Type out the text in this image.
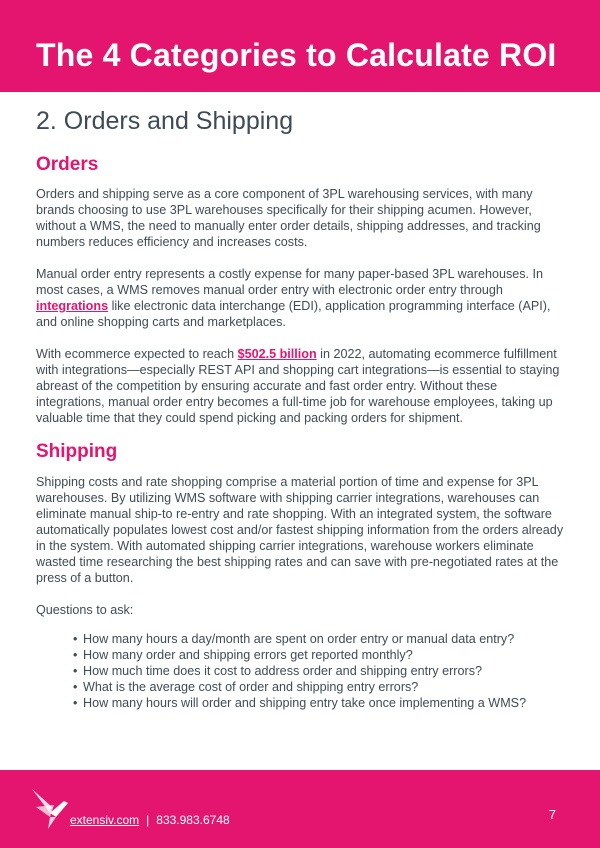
The 4 Categories to Calculate ROI
2. Orders and Shipping
Orders

Orders and shipping serve as a core component of 3PL warehousing services, with many brands choosing to use 3PL warehouses specifically for their shipping acumen. However, without a WMS, the need to manually enter order details, shipping addresses, and tracking numbers reduces efficiency and increases costs.

Manual order entry represents a costly expense for many paper-based 3PL warehouses. In most cases, a WMS removes manual order entry with electronic order entry through integrations like electronic data interchange (EDI), application programming interface (API), and online shopping carts and marketplaces.

With ecommerce expected to reach $502.5 billion in 2022, automating ecommerce fulfillment with integrations—especially REST API and shopping cart integrations—is essential to staying abreast of the competition by ensuring accurate and fast order entry. Without these integrations, manual order entry becomes a full-time job for warehouse employees, taking up valuable time that they could spend picking and packing orders for shipment.

Shipping

Shipping costs and rate shopping comprise a material portion of time and expense for 3PL warehouses. By utilizing WMS software with shipping carrier integrations, warehouses can eliminate manual ship-to re-entry and rate shopping. With an integrated system, the software automatically populates lowest cost and/or fastest shipping information from the orders already in the system. With automated shipping carrier integrations, warehouse workers eliminate wasted time researching the best shipping rates and can save with pre-negotiated rates at the press of a button.

Questions to ask:

• How many hours a day/month are spent on order entry or manual data entry?
• How many order and shipping errors get reported monthly?
• How much time does it cost to address order and shipping entry errors?
• What is the average cost of order and shipping entry errors?
• How many hours will order and shipping entry take once implementing a WMS?
extensiv.com | 833.983.6748	7
